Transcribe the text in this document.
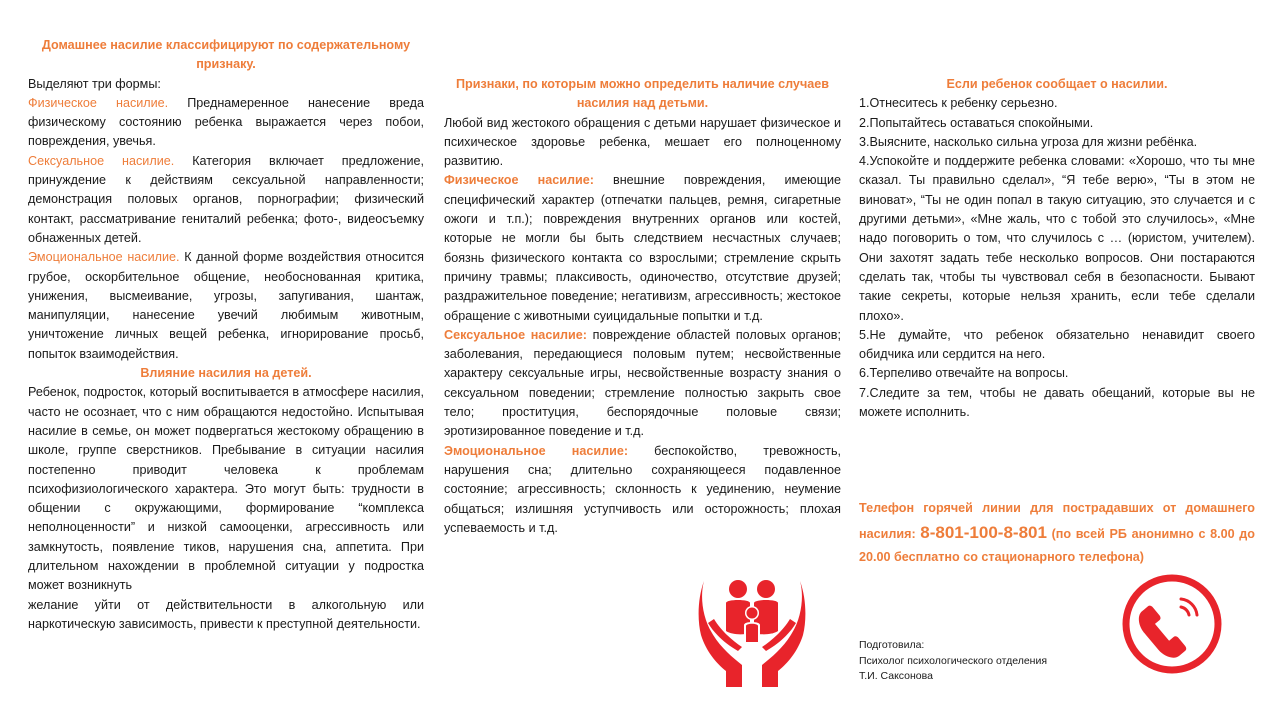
Домашнее насилие классифицируют по содержательному признаку.

Выделяют три формы:

Физическое насилие. Преднамеренное нанесение вреда физическому состоянию ребенка выражается через побои, повреждения, увечья.

Сексуальное насилие. Категория включает предложение, принуждение к действиям сексуальной направленности; демонстрация половых органов, порнографии; физический контакт, рассматривание гениталий ребенка; фото-, видеосъемку обнаженных детей.

Эмоциональное насилие. К данной форме воздействия относится грубое, оскорбительное общение, необоснованная критика, унижения, высмеивание, угрозы, запугивания, шантаж, манипуляции, нанесение увечий любимым животным, уничтожение личных вещей ребенка, игнорирование просьб, попыток взаимодействия.

Влияние насилия на детей.

Ребенок, подросток, который воспитывается в атмосфере насилия, часто не осознает, что с ним обращаются недостойно. Испытывая насилие в семье, он может подвергаться жестокому обращению в школе, группе сверстников. Пребывание в ситуации насилия постепенно приводит человека к проблемам психофизиологического характера. Это могут быть: трудности в общении с окружающими, формирование “комплекса неполноценности” и низкой самооценки, агрессивность или замкнутость, появление тиков, нарушения сна, аппетита. При длительном нахождении в проблемной ситуации у подростка может возникнуть

желание уйти от действительности в алкогольную или наркотическую зависимость, привести к преступной деятельности.

Признаки, по которым можно определить наличие случаев насилия над детьми.

Любой вид жестокого обращения с детьми нарушает физическое и психическое здоровье ребенка, мешает его полноценному развитию.

Физическое насилие: внешние повреждения, имеющие специфический характер (отпечатки пальцев, ремня, сигаретные ожоги и т.п.); повреждения внутренних органов или костей, которые не могли бы быть следствием несчастных случаев; боязнь физического контакта со взрослыми; стремление скрыть причину травмы; плаксивость, одиночество, отсутствие друзей; раздражительное поведение; негативизм, агрессивность; жестокое обращение с животными суицидальные попытки и т.д.

Сексуальное насилие: повреждение областей половых органов; заболевания, передающиеся половым путем; несвойственные характеру сексуальные игры, несвойственные возрасту знания о сексуальном поведении; стремление полностью закрыть свое тело; проституция, беспорядочные половые связи; эротизированное поведение и т.д.

Эмоциональное насилие: беспокойство, тревожность, нарушения сна; длительно сохраняющееся подавленное состояние; агрессивность; склонность к уединению, неумение общаться; излишняя уступчивость или осторожность; плохая успеваемость и т.д.

Если ребенок сообщает о насилии.

1.Отнеситесь к ребенку серьезно.

2.Попытайтесь оставаться спокойными.

3.Выясните, насколько сильна угроза для жизни ребёнка.

4.Успокойте и поддержите ребенка словами: «Хорошо, что ты мне сказал. Ты правильно сделал», “Я тебе верю», “Ты в этом не виноват», “Ты не один попал в такую ситуацию, это случается и с другими детьми», «Мне жаль, что с тобой это случилось», «Мне надо поговорить о том, что случилось с … (юристом, учителем). Они захотят задать тебе несколько вопросов. Они постараются сделать так, чтобы ты чувствовал себя в безопасности. Бывают такие секреты, которые нельзя хранить, если тебе сделали плохо».

5.Не думайте, что ребенок обязательно ненавидит своего обидчика или сердится на него.

6.Терпеливо отвечайте на вопросы.

7.Следите за тем, чтобы не давать обещаний, которые вы не можете исполнить.

Телефон горячей линии для пострадавших от домашнего насилия: 8-801-100-8-801 (по всей РБ анонимно с 8.00 до 20.00 бесплатно со стационарного телефона)
Подготовила:
Психолог психологического отделения
Т.И. Саксонова
